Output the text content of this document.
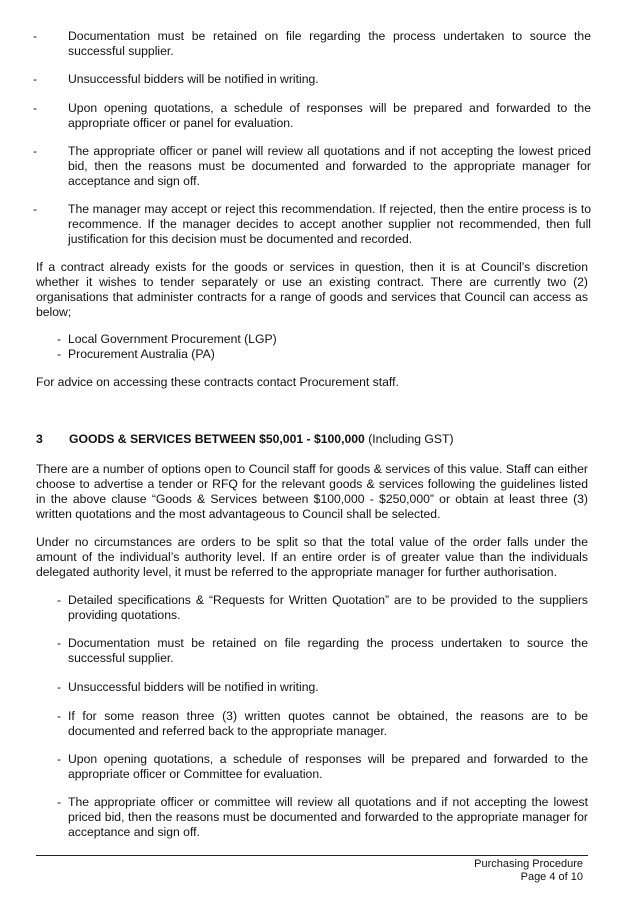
-	Documentation must be retained on file regarding the process undertaken to source the successful supplier.
-	Unsuccessful bidders will be notified in writing.
-	Upon opening quotations, a schedule of responses will be prepared and forwarded to the appropriate officer or panel for evaluation.
-	The appropriate officer or panel will review all quotations and if not accepting the lowest priced bid, then the reasons must be documented and forwarded to the appropriate manager for acceptance and sign off.
-	The manager may accept or reject this recommendation. If rejected, then the entire process is to recommence. If the manager decides to accept another supplier not recommended, then full justification for this decision must be documented and recorded.
If a contract already exists for the goods or services in question, then it is at Council’s discretion whether it wishes to tender separately or use an existing contract. There are currently two (2) organisations that administer contracts for a range of goods and services that Council can access as below;
- Local Government Procurement (LGP)
- Procurement Australia (PA)
For advice on accessing these contracts contact Procurement staff.
3 GOODS & SERVICES BETWEEN $50,001 - $100,000 (Including GST)
There are a number of options open to Council staff for goods & services of this value. Staff can either choose to advertise a tender or RFQ for the relevant goods & services following the guidelines listed in the above clause “Goods & Services between $100,000 - $250,000” or obtain at least three (3) written quotations and the most advantageous to Council shall be selected.
Under no circumstances are orders to be split so that the total value of the order falls under the amount of the individual’s authority level. If an entire order is of greater value than the individuals delegated authority level, it must be referred to the appropriate manager for further authorisation.
- Detailed specifications & “Requests for Written Quotation” are to be provided to the suppliers providing quotations.
- Documentation must be retained on file regarding the process undertaken to source the successful supplier.
- Unsuccessful bidders will be notified in writing.
- If for some reason three (3) written quotes cannot be obtained, the reasons are to be documented and referred back to the appropriate manager.
- Upon opening quotations, a schedule of responses will be prepared and forwarded to the appropriate officer or Committee for evaluation.
- The appropriate officer or committee will review all quotations and if not accepting the lowest priced bid, then the reasons must be documented and forwarded to the appropriate manager for acceptance and sign off.
Purchasing Procedure
Page 4 of 10
